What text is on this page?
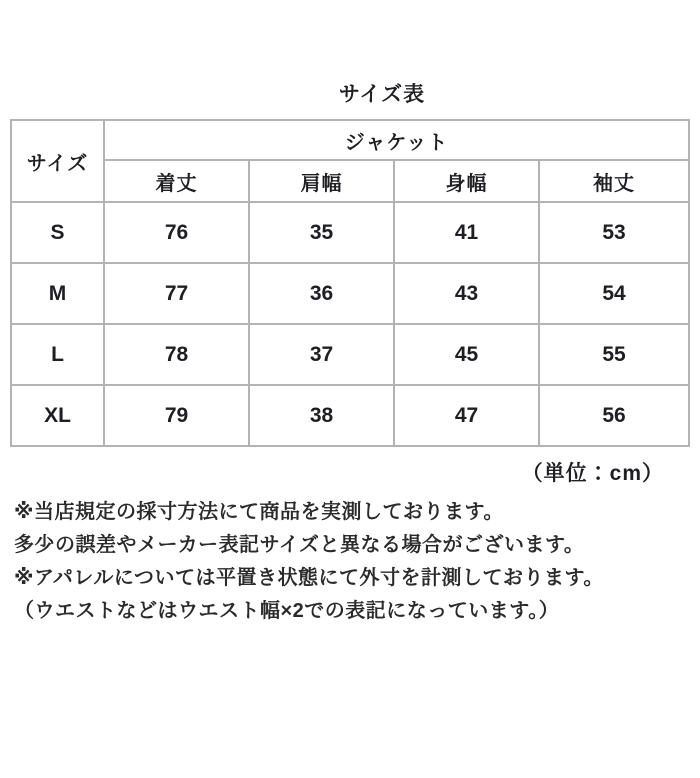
サイズ表
サイズ	ジャケット			
	着丈	肩幅	身幅	袖丈
S	76	35	41	53
M	77	36	43	54
L	78	37	45	55
XL	79	38	47	56
（単位：cm）

※当店規定の採寸方法にて商品を実測しております。

多少の誤差やメーカー表記サイズと異なる場合がございます。

※アパレルについては平置き状態にて外寸を計測しております。

（ウエストなどはウエスト幅×2での表記になっています。）
